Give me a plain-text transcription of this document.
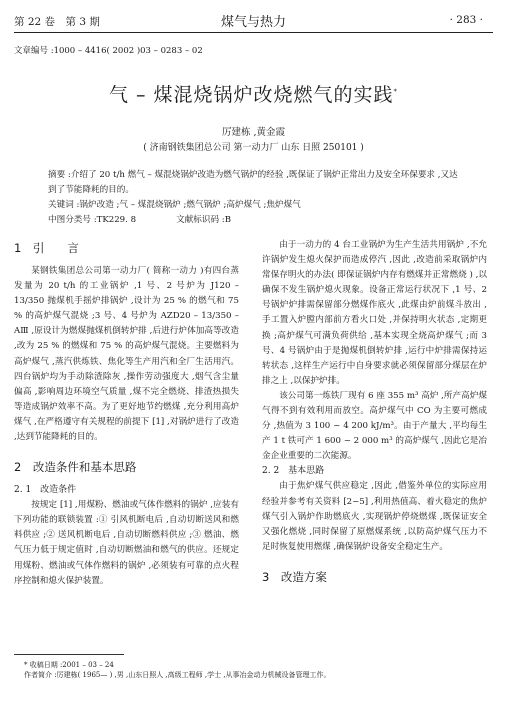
第 22 卷　第 3 期	煤气与热力	· 283 ·
文章编号 :1000 – 4416( 2002 )03 – 0283 – 02
气 – 煤混烧锅炉改烧燃气的实践*
厉建栋 ,黄金霞
( 济南钢铁集团总公司 第一动力厂 山东 日照 250101 )

摘要 :介绍了 20 t/h 燃气 – 煤混烧锅炉改造为燃气锅炉的经验 ,既保证了锅炉正常出力及安全环保要求 ,又达到了节能降耗的目的。

关键词 :锅炉改造 ;气 – 煤混烧锅炉 ;燃气锅炉 ;高炉煤气 ;焦炉煤气

中图分类号 :TK229. 8	文献标识码 :B

1　引　　言

某钢铁集团总公司第一动力厂( 简称一动力 )有四台蒸发量为 20 t/h 的工业锅炉 ,1 号、2 号炉为 J120 – 13/350 抛煤机手摇炉排锅炉 ,设计为 25 % 的燃气和 75 % 的高炉煤气混烧 ;3 号、4 号炉为 AZD20 – 13/350 – AⅢ ,原设计为燃煤抛煤机倒转炉排 ,后进行炉体加高等改造 ,改为 25 % 的燃煤和 75 % 的高炉煤气混烧。主要燃料为高炉煤气 ,蒸汽供炼铁、焦化等生产用汽和全厂生活用汽。四台锅炉均为手动除渣除灰 ,操作劳动强度大 ,烟气含尘量偏高 ,影响周边环境空气质量 ,煤不完全燃烧、排渣热损失等造成锅炉效率不高。为了更好地节约燃煤 ,充分利用高炉煤气 ,在严格遵守有关规程的前提下 [1] ,对锅炉进行了改造 ,达到节能降耗的目的。

2　改造条件和基本思路

2. 1　改造条件

按规定 [1] ,用煤粉、燃油或气体作燃料的锅炉 ,应装有下列功能的联锁装置 :① 引风机断电后 ,自动切断送风和燃料供应 ;② 送风机断电后 ,自动切断燃料供应 ;③ 燃油、燃气压力低于规定值时 ,自动切断燃油和燃气的供应。还规定用煤粉、燃油或气体作燃料的锅炉 ,必须装有可靠的点火程序控制和熄火保护装置。

由于一动力的 4 台工业锅炉为生产生活共用锅炉 ,不允许锅炉发生熄火保护而造成停汽 ,因此 ,改造前采取锅炉内常保存明火的办法( 即保证锅炉内存有燃煤并正常燃烧 ) ,以确保不发生锅炉熄火现象。设备正常运行状况下 ,1 号、2 号锅炉炉排需保留部分燃煤作底火 ,此煤由炉前煤斗放出 ,手工置入炉膛内部前方看火口处 ,并保持明火状态 ,定期更换 ;高炉煤气可满负荷供给 ,基本实现全烧高炉煤气 ;而 3 号、4 号锅炉由于是抛煤机倒转炉排 ,运行中炉排需保持运转状态 ,这样生产运行中自身要求就必须保留部分煤层在炉排之上 ,以保护炉排。

该公司第一炼铁厂现有 6 座 355 m³ 高炉 ,所产高炉煤气得不到有效利用而放空。高炉煤气中 CO 为主要可燃成分 ,热值为 3 100 ~ 4 200 kJ/m³。由于产量大 ,平均每生产 1 t 铁可产 1 600 ~ 2 000 m³ 的高炉煤气 ,因此它是冶金企业重要的二次能源。

2. 2　基本思路

由于焦炉煤气供应稳定 ,因此 ,借鉴外单位的实际应用经验并参考有关资料 [2~5] ,利用热值高、着火稳定的焦炉煤气引入锅炉作助燃底火 ,实现锅炉停烧燃煤 ,既保证安全又强化燃烧 ,同时保留了原燃煤系统 ,以防高炉煤气压力不足时恢复使用燃煤 ,确保锅炉设备安全稳定生产。

3　改造方案

* 收稿日期 :2001 – 03 – 24
作者简介 :厉建栋( 1965— ) ,男 ,山东日照人 ,高级工程师 ,学士 ,从事冶金动力机械设备管理工作。
